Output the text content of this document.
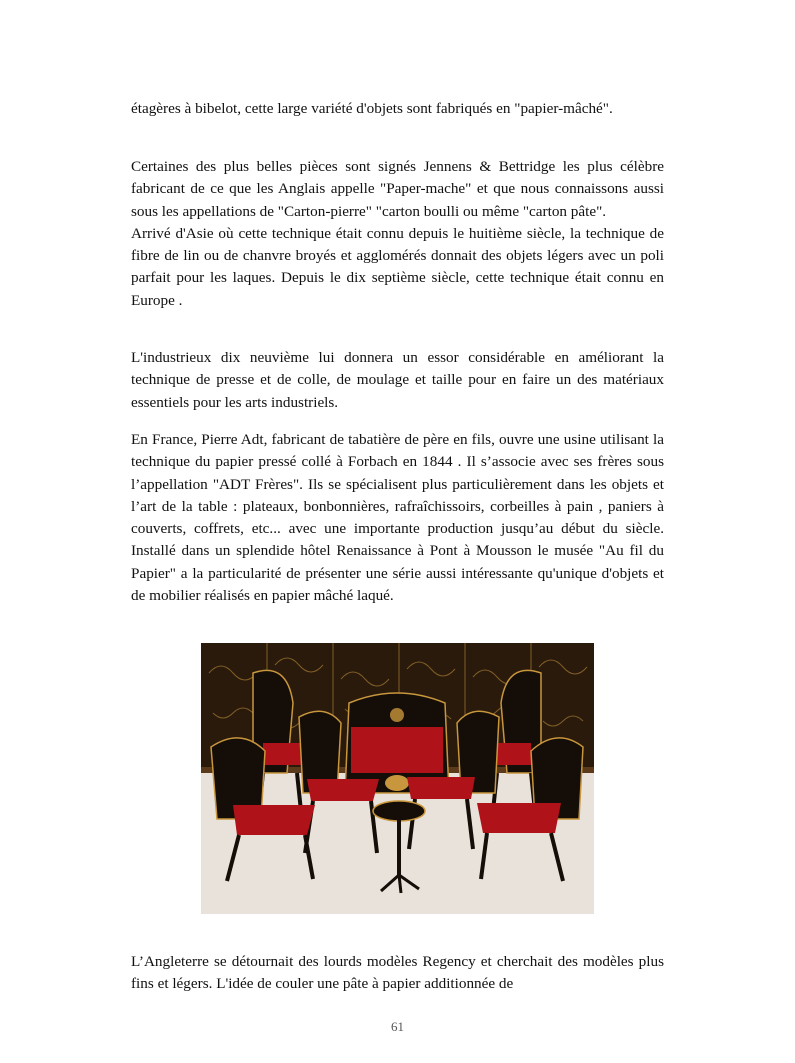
étagères à bibelot, cette large variété d'objets sont fabriqués en "papier-mâché".

Certaines des plus belles pièces sont signés Jennens & Bettridge les plus célèbre fabricant de ce que les Anglais appelle "Paper-mache" et que nous connaissons aussi sous les appellations de "Carton-pierre" "carton boulli ou même "carton pâte".

Arrivé d'Asie où cette technique était connu depuis le huitième siècle, la technique de fibre de lin ou de chanvre broyés et agglomérés donnait des objets légers avec un poli parfait pour les laques. Depuis le dix septième siècle, cette technique était connu en Europe .

L'industrieux dix neuvième lui donnera un essor considérable en améliorant la technique de presse et de colle, de moulage et taille pour en faire un des matériaux essentiels pour les arts industriels.

En France, Pierre Adt, fabricant de tabatière de père en fils, ouvre une usine utilisant la technique du papier pressé collé à Forbach en 1844 . Il s’associe avec ses frères sous l’appellation "ADT Frères". Ils se spécialisent plus particulièrement dans les objets et l’art de la table : plateaux, bonbonnières, rafraîchissoirs, corbeilles à pain , paniers à couverts, coffrets, etc... avec une importante production jusqu’au début du siècle. Installé dans un splendide hôtel Renaissance à Pont à Mousson le musée "Au fil du Papier" a la particularité de présenter une série aussi intéressante qu'unique d'objets et de mobilier réalisés en papier mâché laqué.

L’Angleterre se détournait des lourds modèles Regency et cherchait des modèles plus fins et légers. L'idée de couler une pâte à papier additionnée de

61
